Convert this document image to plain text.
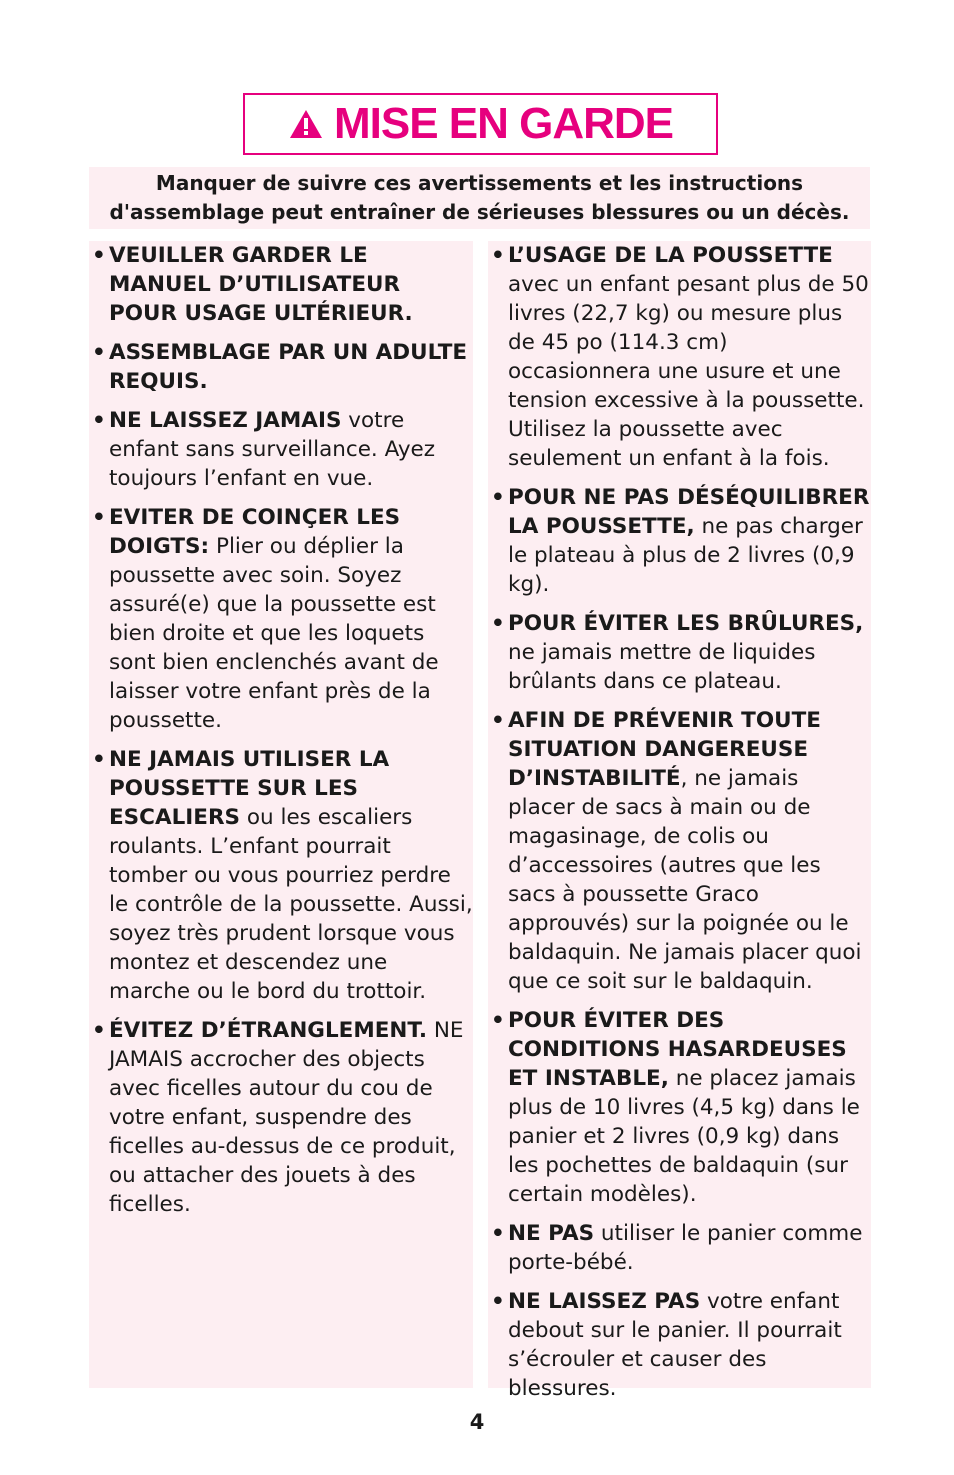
MISE EN GARDE
Manquer de suivre ces avertissements et les instructions
d'assemblage peut entraîner de sérieuses blessures ou un décès.
• VEUILLER GARDER LE MANUEL D’UTILISATEUR POUR USAGE ULTÉRIEUR.
• ASSEMBLAGE PAR UN ADULTE REQUIS.
• NE LAISSEZ JAMAIS votre enfant sans surveillance. Ayez toujours l’enfant en vue.
• EVITER DE COINÇER LES DOIGTS: Plier ou déplier la poussette avec soin. Soyez assuré(e) que la poussette est bien droite et que les loquets sont bien enclenchés avant de laisser votre enfant près de la poussette.
• NE JAMAIS UTILISER LA POUSSETTE SUR LES ESCALIERS ou les escaliers roulants. L’enfant pourrait tomber ou vous pourriez perdre le contrôle de la poussette. Aussi, soyez très prudent lorsque vous montez et descendez une marche ou le bord du trottoir.
• ÉVITEZ D’ÉTRANGLEMENT. NE JAMAIS accrocher des objects avec ficelles autour du cou de votre enfant, suspendre des ficelles au-dessus de ce produit, ou attacher des jouets à des ficelles.
• L’USAGE DE LA POUSSETTE avec un enfant pesant plus de 50 livres (22,7 kg) ou mesure plus de 45 po (114.3 cm) occasionnera une usure et une tension excessive à la poussette. Utilisez la poussette avec seulement un enfant à la fois.
• POUR NE PAS DÉSÉQUILIBRER LA POUSSETTE, ne pas charger le plateau à plus de 2 livres (0,9 kg).
• POUR ÉVITER LES BRÛLURES, ne jamais mettre de liquides brûlants dans ce plateau.
• AFIN DE PRÉVENIR TOUTE SITUATION DANGEREUSE D’INSTABILITÉ, ne jamais placer de sacs à main ou de magasinage, de colis ou d’accessoires (autres que les sacs à poussette Graco approuvés) sur la poignée ou le baldaquin. Ne jamais placer quoi que ce soit sur le baldaquin.
• POUR ÉVITER DES CONDITIONS HASARDEUSES ET INSTABLE, ne placez jamais plus de 10 livres (4,5 kg) dans le panier et 2 livres (0,9 kg) dans les pochettes de baldaquin (sur certain modèles).
• NE PAS utiliser le panier comme porte-bébé.
• NE LAISSEZ PAS votre enfant debout sur le panier. Il pourrait s’écrouler et causer des blessures.
4
